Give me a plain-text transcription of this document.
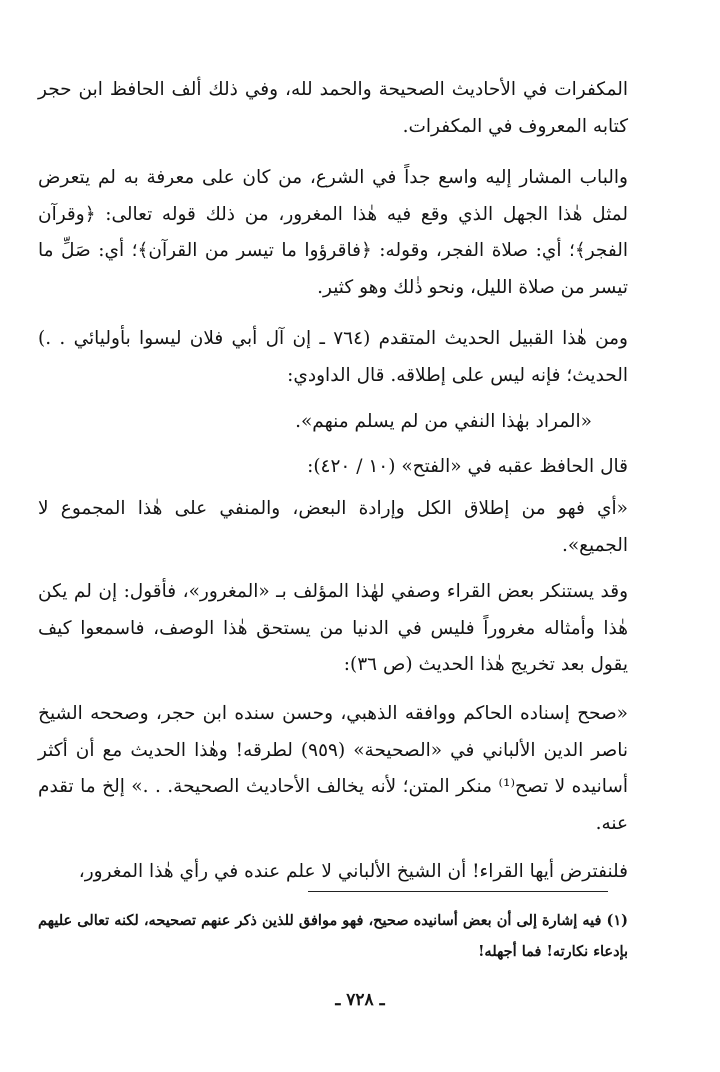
المكفرات في الأحاديث الصحيحة والحمد لله، وفي ذلك ألف الحافظ ابن حجر كتابه المعروف في المكفرات.

والباب المشار إليه واسع جداً في الشرع، من كان على معرفة به لم يتعرض لمثل هٰذا الجهل الذي وقع فيه هٰذا المغرور، من ذلك قوله تعالى: ﴿وقرآن الفجر﴾؛ أي: صلاة الفجر، وقوله: ﴿فاقرؤوا ما تيسر من القرآن﴾؛ أي: صَلِّ ما تيسر من صلاة الليل، ونحو ذٰلك وهو كثير.

ومن هٰذا القبيل الحديث المتقدم (٧٦٤ ـ إن آل أبي فلان ليسوا بأوليائي . .) الحديث؛ فإنه ليس على إطلاقه. قال الداودي:

«المراد بهٰذا النفي من لم يسلم منهم».

قال الحافظ عقبه في «الفتح» (١٠ / ٤٢٠):

«أي فهو من إطلاق الكل وإرادة البعض، والمنفي على هٰذا المجموع لا الجميع».

وقد يستنكر بعض القراء وصفي لهٰذا المؤلف بـ «المغرور»، فأقول: إن لم يكن هٰذا وأمثاله مغروراً فليس في الدنيا من يستحق هٰذا الوصف، فاسمعوا كيف يقول بعد تخريج هٰذا الحديث (ص ٣٦):

«صحح إسناده الحاكم ووافقه الذهبي، وحسن سنده ابن حجر، وصححه الشيخ ناصر الدين الألباني في «الصحيحة» (٩٥٩) لطرقه! وهٰذا الحديث مع أن أكثر أسانيده لا تصح⁽¹⁾ منكر المتن؛ لأنه يخالف الأحاديث الصحيحة. . .» إلخ ما تقدم عنه.

فلنفترض أيها القراء! أن الشيخ الألباني لا علم عنده في رأي هٰذا المغرور،

(١) فيه إشارة إلى أن بعض أسانيده صحيح، فهو موافق للذين ذكر عنهم تصحيحه، لكنه تعالى عليهم بإدعاء نكارته! فما أجهله!

ـ ٧٢٨ ـ
